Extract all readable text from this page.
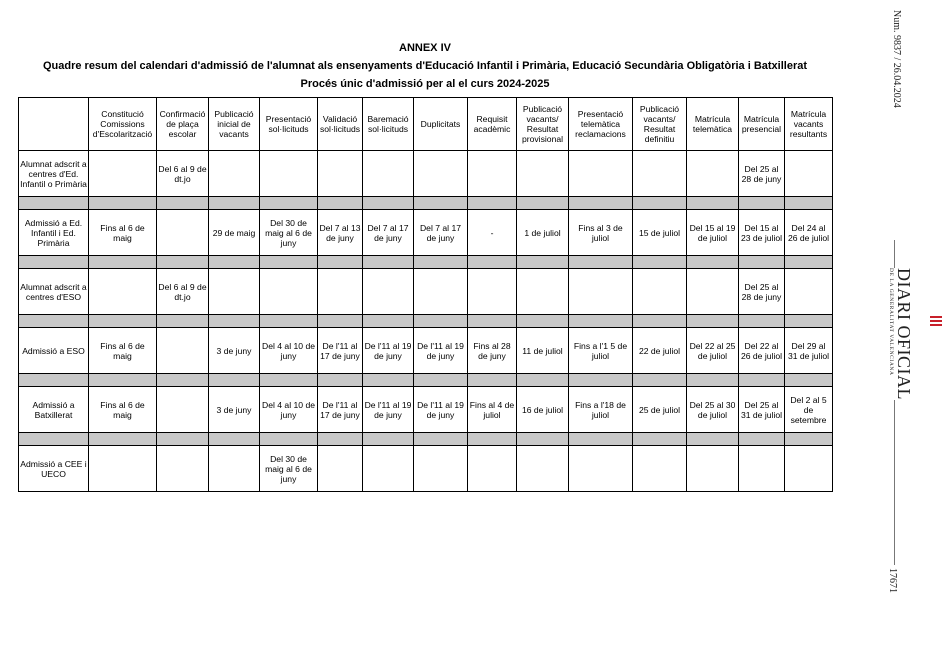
ANNEX IV
Quadre resum del calendari d'admissió de l'alumnat als ensenyaments d'Educació Infantil i Primària, Educació Secundària Obligatòria i Batxillerat
Procés únic d'admissió per al el curs 2024-2025
	Constitució Comissions d'Escolarització	Confirmació de plaça escolar	Publicació inicial de vacants	Presentació sol·licituds	Validació sol·licituds	Baremació sol·licituds	Duplicitats	Requisit acadèmic	Publicació vacants/ Resultat provisional	Presentació telemàtica reclamacions	Publicació vacants/ Resultat definitiu	Matrícula telemàtica	Matrícula presencial	Matrícula vacants resultants
Alumnat adscrit a centres d'Ed. Infantil o Primària		Del 6 al 9 de dt.jo											Del 25 al 28 de juny	

Admissió a Ed. Infantil i Ed. Primària	Fins al 6 de maig		29 de maig	Del 30 de maig al 6 de juny	Del 7 al 13 de juny	Del 7 al 17 de juny	Del 7 al 17 de juny	-	1 de juliol	Fins al 3 de juliol	15 de juliol	Del 15 al 19 de juliol	Del 15 al 23 de juliol	Del 24 al 26 de juliol

Alumnat adscrit a centres d'ESO		Del 6 al 9 de dt.jo											Del 25 al 28 de juny	

Admissió a ESO	Fins al 6 de maig		3 de juny	Del 4 al 10 de juny	De l'11 al 17 de juny	De l'11 al 19 de juny	De l'11 al 19 de juny	Fins al 28 de juny	11 de juliol	Fins a l'1 5 de juliol	22 de juliol	Del 22 al 25 de juliol	Del 22 al 26 de juliol	Del 29 al 31 de juliol

Admissió a Batxillerat	Fins al 6 de maig		3 de juny	Del 4 al 10 de juny	De l'11 al 17 de juny	De l'11 al 19 de juny	De l'11 al 19 de juny	Fins al 4 de juliol	16 de juliol	Fins a l'18 de juliol	25 de juliol	Del 25 al 30 de juliol	Del 25 al 31 de juliol	Del 2 al 5 de setembre

Admissió a CEE i UECO				Del 30 de maig al 6 de juny										
Num. 9837 / 26.04.2024
DIARI OFICIAL
DE LA GENERALITAT VALENCIANA
17671
